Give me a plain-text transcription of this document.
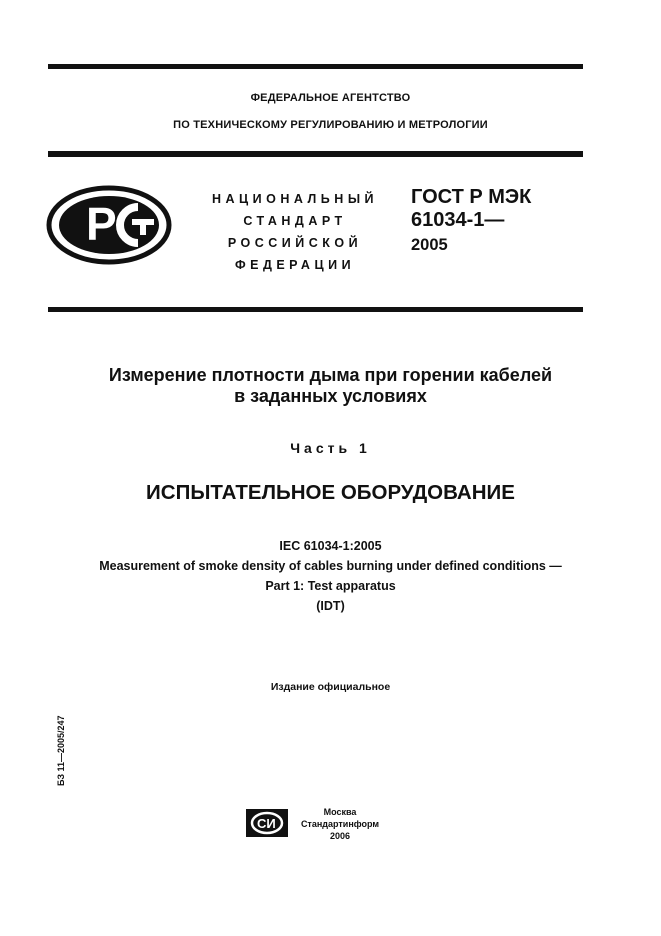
ФЕДЕРАЛЬНОЕ АГЕНТСТВО
ПО ТЕХНИЧЕСКОМУ РЕГУЛИРОВАНИЮ И МЕТРОЛОГИИ
Р	НАЦИОНАЛЬНЫЙ
СТАНДАРТ
РОССИЙСКОЙ
ФЕДЕРАЦИИ
ГОСТ Р МЭК
61034-1—
2005
Измерение плотности дыма при горении кабелей
в заданных условиях
Часть 1
ИСПЫТАТЕЛЬНОЕ ОБОРУДОВАНИЕ
IEC 61034-1:2005
Measurement of smoke density of cables burning under defined conditions —
Part 1: Test apparatus
(IDT)
Издание официальное
БЗ 11—2005/247
СИ
Москва
Стандартинформ
2006
